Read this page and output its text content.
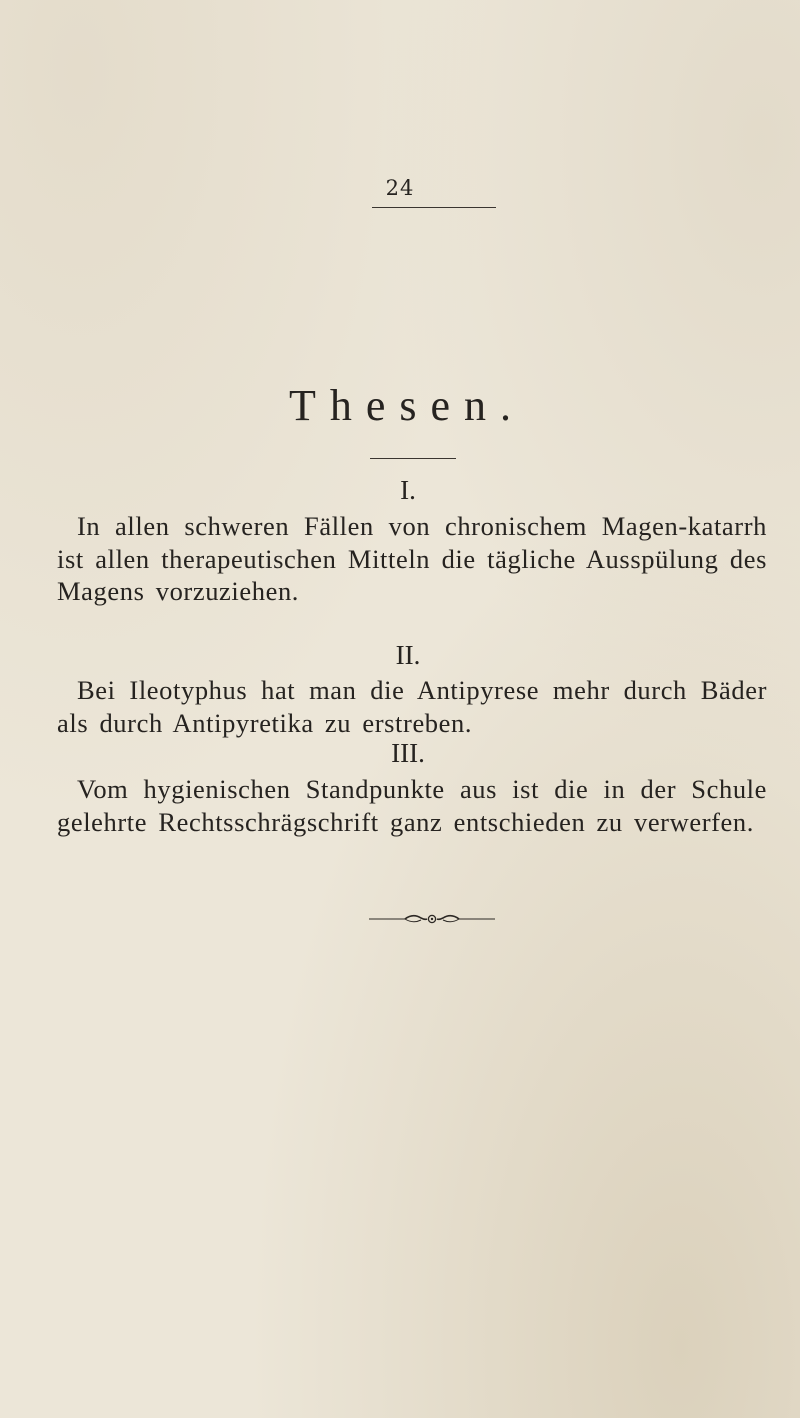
24
Thesen.
I.
In allen schweren Fällen von chronischem Magen-katarrh ist allen therapeutischen Mitteln die tägliche Ausspülung des Magens vorzuziehen.
II.
Bei Ileotyphus hat man die Antipyrese mehr durch Bäder als durch Antipyretika zu erstreben.
III.
Vom hygienischen Standpunkte aus ist die in der Schule gelehrte Rechtsschrägschrift ganz entschieden zu verwerfen.
